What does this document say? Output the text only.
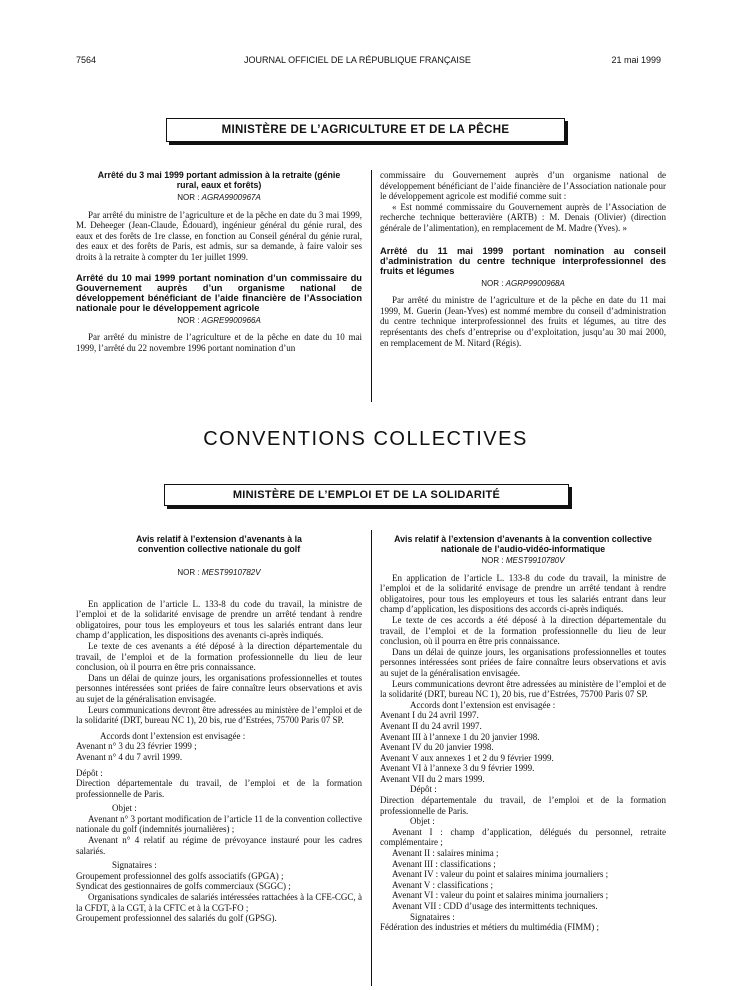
7564	JOURNAL OFFICIEL DE LA RÉPUBLIQUE FRANÇAISE	21 mai 1999
MINISTÈRE DE L’AGRICULTURE ET DE LA PÊCHE
Arrêté du 3 mai 1999 portant admission à la retraite (génie rural, eaux et forêts)
NOR : AGRA9900967A

Par arrêté du ministre de l’agriculture et de la pêche en date du 3 mai 1999, M. Deheeger (Jean-Claude, Édouard), ingénieur général du génie rural, des eaux et des forêts de 1re classe, en fonction au Conseil général du génie rural, des eaux et des forêts de Paris, est admis, sur sa demande, à faire valoir ses droits à la retraite à compter du 1er juillet 1999.

Arrêté du 10 mai 1999 portant nomination d’un commissaire du Gouvernement auprès d’un organisme national de développement bénéficiant de l’aide financière de l’Association nationale pour le développement agricole
NOR : AGRE9900966A

Par arrêté du ministre de l’agriculture et de la pêche en date du 10 mai 1999, l’arrêté du 22 novembre 1996 portant nomination d’un

commissaire du Gouvernement auprès d’un organisme national de développement bénéficiant de l’aide financière de l’Association nationale pour le développement agricole est modifié comme suit :

« Est nommé commissaire du Gouvernement auprès de l’Association de recherche technique betteravière (ARTB) : M. Denais (Olivier) (direction générale de l’alimentation), en remplacement de M. Madre (Yves). »

Arrêté du 11 mai 1999 portant nomination au conseil d’administration du centre technique interprofessionnel des fruits et légumes
NOR : AGRP9900968A

Par arrêté du ministre de l’agriculture et de la pêche en date du 11 mai 1999, M. Guerin (Jean-Yves) est nommé membre du conseil d’administration du centre technique interprofessionnel des fruits et légumes, au titre des représentants des chefs d’entreprise ou d’exploitation, jusqu’au 30 mai 2000, en remplacement de M. Nitard (Régis).

CONVENTIONS COLLECTIVES
MINISTÈRE DE L’EMPLOI ET DE LA SOLIDARITÉ
Avis relatif à l’extension d’avenants à la convention collective nationale du golf
NOR : MEST9910782V

En application de l’article L. 133-8 du code du travail, la ministre de l’emploi et de la solidarité envisage de prendre un arrêté tendant à rendre obligatoires, pour tous les employeurs et tous les salariés entrant dans leur champ d’application, les dispositions des avenants ci-après indiqués.

Le texte de ces avenants a été déposé à la direction départementale du travail, de l’emploi et de la formation professionnelle du lieu de leur conclusion, où il pourra en être pris connaissance.

Dans un délai de quinze jours, les organisations professionnelles et toutes personnes intéressées sont priées de faire connaître leurs observations et avis au sujet de la généralisation envisagée.

Leurs communications devront être adressées au ministère de l’emploi et de la solidarité (DRT, bureau NC 1), 20 bis, rue d’Estrées, 75700 Paris 07 SP.

Accords dont l’extension est envisagée :

Avenant n° 3 du 23 février 1999 ;

Avenant n° 4 du 7 avril 1999.

Dépôt :

Direction départementale du travail, de l’emploi et de la formation professionnelle de Paris.

Objet :

Avenant n° 3 portant modification de l’article 11 de la convention collective nationale du golf (indemnités journalières) ;

Avenant n° 4 relatif au régime de prévoyance instauré pour les cadres salariés.

Signataires :

Groupement professionnel des golfs associatifs (GPGA) ;

Syndicat des gestionnaires de golfs commerciaux (SGGC) ;

Organisations syndicales de salariés intéressées rattachées à la CFE-CGC, à la CFDT, à la CGT, à la CFTC et à la CGT-FO ;

Groupement professionnel des salariés du golf (GPSG).

Avis relatif à l’extension d’avenants à la convention collective nationale de l’audio-vidéo-informatique
NOR : MEST9910780V

En application de l’article L. 133-8 du code du travail, la ministre de l’emploi et de la solidarité envisage de prendre un arrêté tendant à rendre obligatoires, pour tous les employeurs et tous les salariés entrant dans leur champ d’application, les dispositions des accords ci-après indiqués.

Le texte de ces accords a été déposé à la direction départementale du travail, de l’emploi et de la formation professionnelle du lieu de leur conclusion, où il pourra en être pris connaissance.

Dans un délai de quinze jours, les organisations professionnelles et toutes personnes intéressées sont priées de faire connaître leurs observations et avis au sujet de la généralisation envisagée.

Leurs communications devront être adressées au ministère de l’emploi et de la solidarité (DRT, bureau NC 1), 20 bis, rue d’Estrées, 75700 Paris 07 SP.

Accords dont l’extension est envisagée :

Avenant I du 24 avril 1997.

Avenant II du 24 avril 1997.

Avenant III à l’annexe 1 du 20 janvier 1998.

Avenant IV du 20 janvier 1998.

Avenant V aux annexes 1 et 2 du 9 février 1999.

Avenant VI à l’annexe 3 du 9 février 1999.

Avenant VII du 2 mars 1999.

Dépôt :

Direction départementale du travail, de l’emploi et de la formation professionnelle de Paris.

Objet :

Avenant I : champ d’application, délégués du personnel, retraite complémentaire ;

Avenant II : salaires minima ;

Avenant III : classifications ;

Avenant IV : valeur du point et salaires minima journaliers ;

Avenant V : classifications ;

Avenant VI : valeur du point et salaires minima journaliers ;

Avenant VII : CDD d’usage des intermittents techniques.

Signataires :

Fédération des industries et métiers du multimédia (FIMM) ;
